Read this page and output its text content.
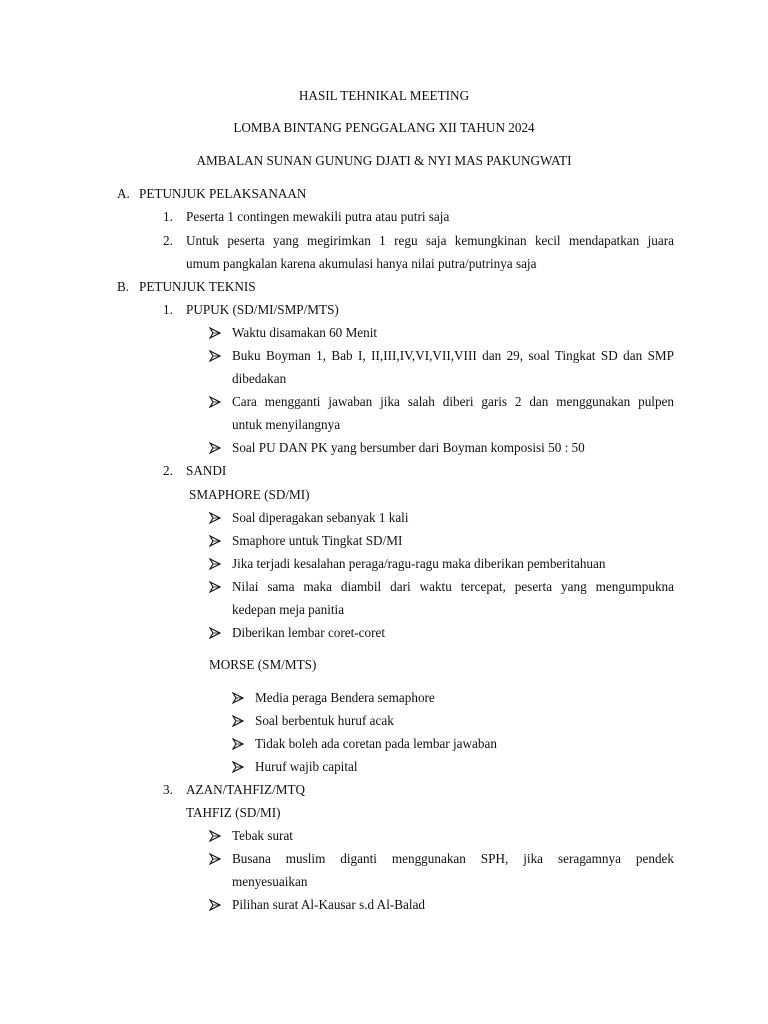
HASIL TEHNIKAL MEETING
LOMBA BINTANG PENGGALANG XII TAHUN 2024
AMBALAN SUNAN GUNUNG DJATI & NYI MAS PAKUNGWATI
A. PETUNJUK PELAKSANAAN
1. Peserta 1 contingen mewakili putra atau putri saja
2. Untuk peserta yang megirimkan 1 regu saja kemungkinan kecil mendapatkan juara
umum pangkalan karena akumulasi hanya nilai putra/putrinya saja
B. PETUNJUK TEKNIS
1. PUPUK (SD/MI/SMP/MTS)
Waktu disamakan 60 Menit
Buku Boyman 1, Bab I, II,III,IV,VI,VII,VIII dan 29, soal Tingkat SD dan SMP
dibedakan
Cara mengganti jawaban jika salah diberi garis 2 dan menggunakan pulpen
untuk menyilangnya
Soal PU DAN PK yang bersumber dari Boyman komposisi 50 : 50
2. SANDI
SMAPHORE (SD/MI)
Soal diperagakan sebanyak 1 kali
Smaphore untuk Tingkat SD/MI
Jika terjadi kesalahan peraga/ragu-ragu maka diberikan pemberitahuan
Nilai sama maka diambil dari waktu tercepat, peserta yang mengumpukna
kedepan meja panitia
Diberikan lembar coret-coret
MORSE (SM/MTS)
Media peraga Bendera semaphore
Soal berbentuk huruf acak
Tidak boleh ada coretan pada lembar jawaban
Huruf wajib capital
3. AZAN/TAHFIZ/MTQ
TAHFIZ (SD/MI)
Tebak surat
Busana muslim diganti menggunakan SPH, jika seragamnya pendek
menyesuaikan
Pilihan surat Al-Kausar s.d Al-Balad
